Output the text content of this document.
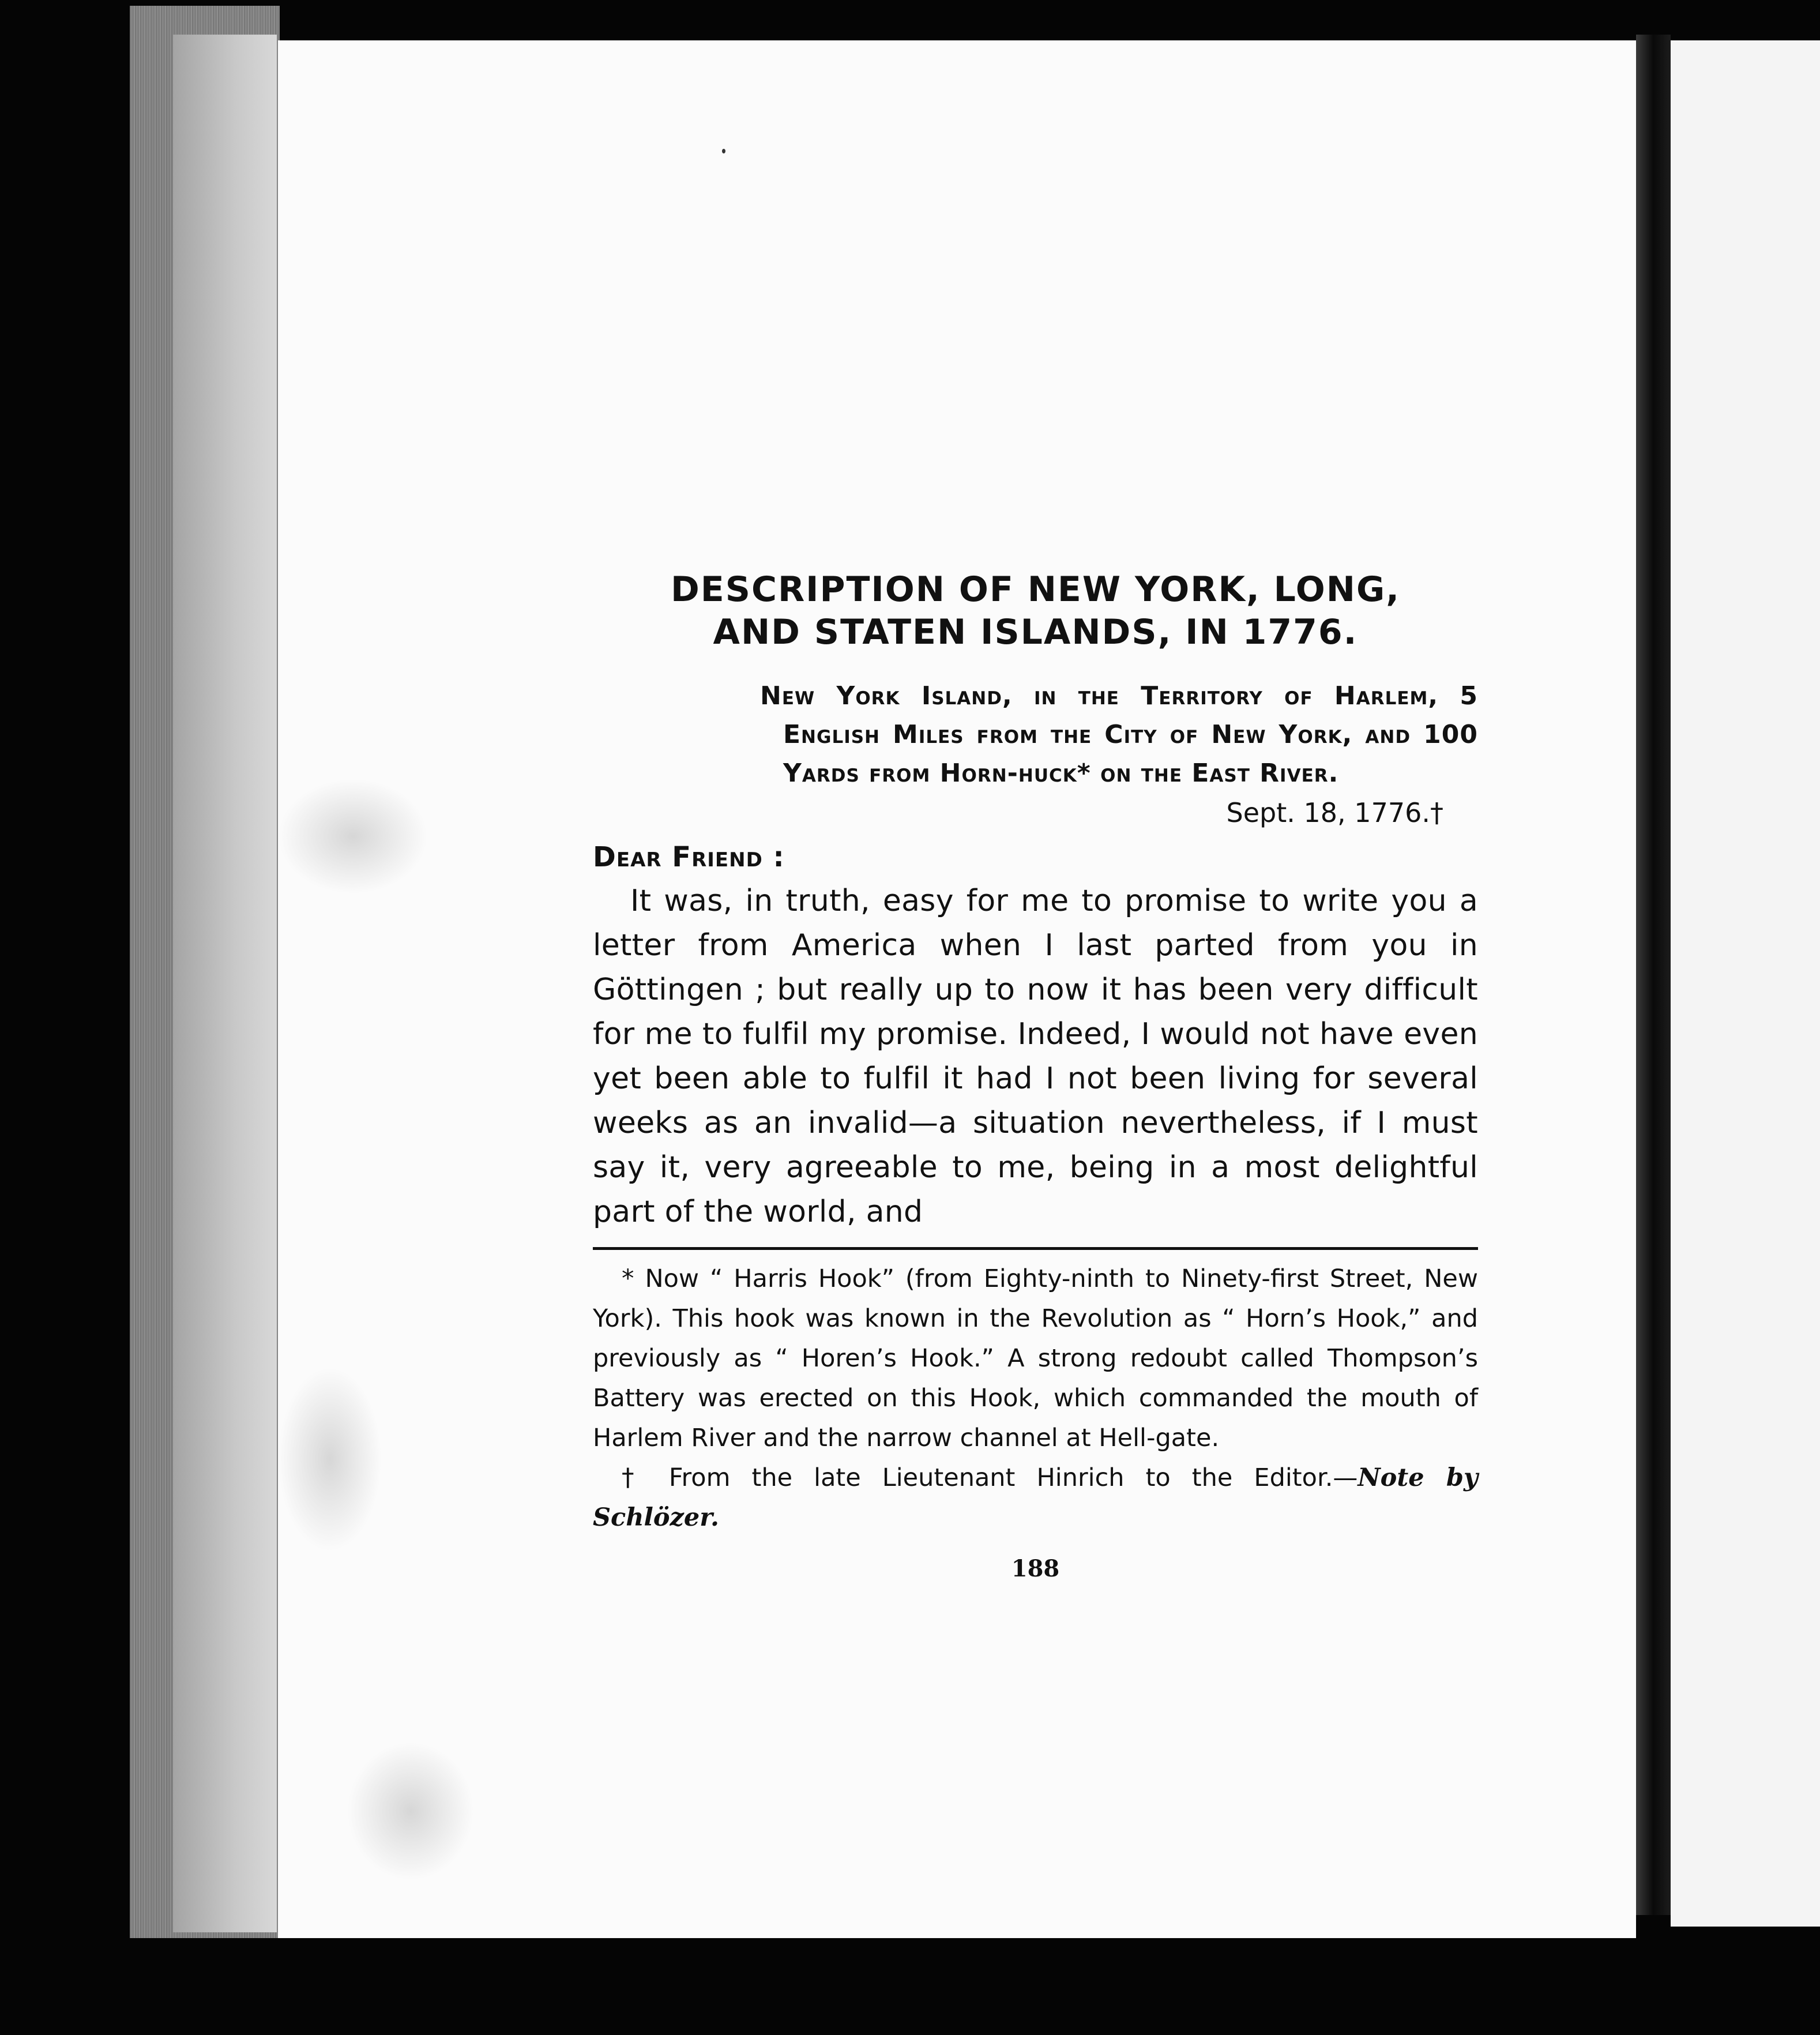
DESCRIPTION OF NEW YORK, LONG,
AND STATEN ISLANDS, IN 1776.
New York Island, in the Territory of Harlem, 5 English Miles from the City of New York, and 100 Yards from Horn-huck* on the East River.
Sept. 18, 1776.†
Dear Friend :

It was, in truth, easy for me to promise to write you a letter from America when I last parted from you in Göttingen ; but really up to now it has been very difficult for me to fulfil my promise. Indeed, I would not have even yet been able to fulfil it had I not been living for several weeks as an invalid—a situation nevertheless, if I must say it, very agreeable to me, being in a most delightful part of the world, and

* Now “ Harris Hook” (from Eighty-ninth to Ninety-first Street, New York). This hook was known in the Revolution as “ Horn’s Hook,” and previously as “ Horen’s Hook.” A strong redoubt called Thompson’s Battery was erected on this Hook, which commanded the mouth of Harlem River and the narrow channel at Hell-gate.

† From the late Lieutenant Hinrich to the Editor.—Note by Schlözer.

188
